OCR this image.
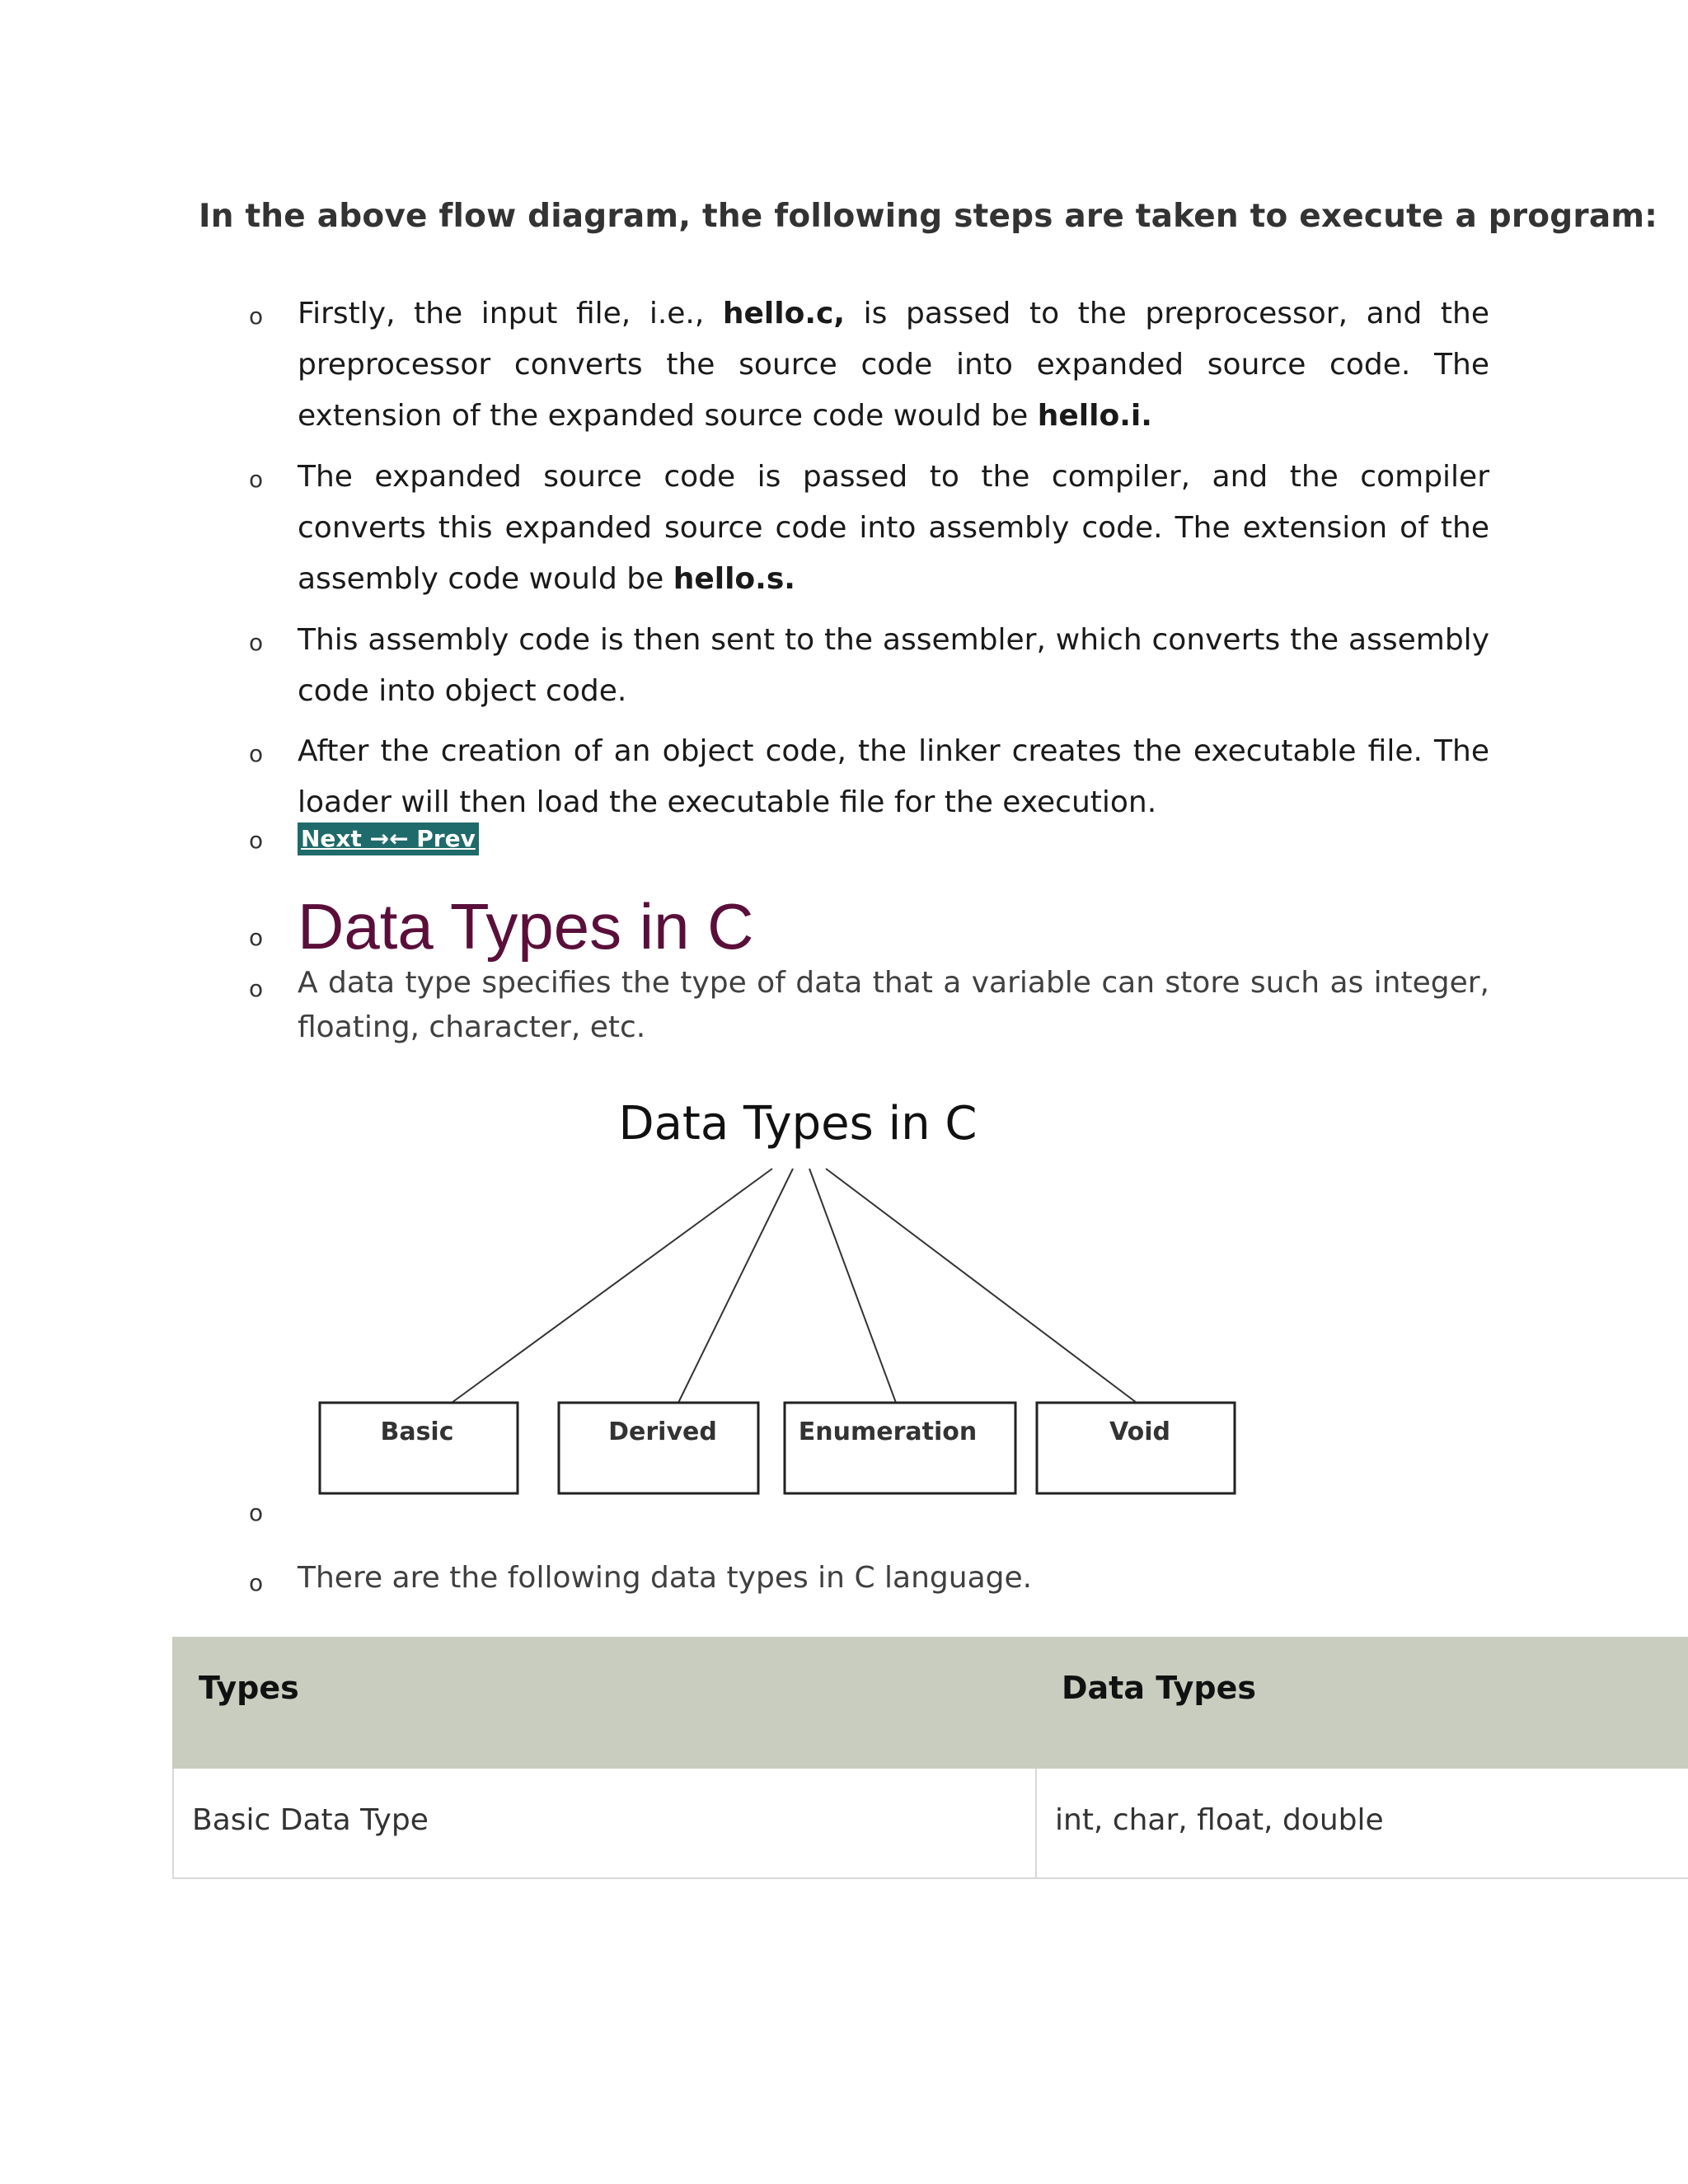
In the above flow diagram, the following steps are taken to execute a program:
o
Firstly, the input file, i.e., hello.c, is passed to the preprocessor, and the preprocessor converts the source code into expanded source code. The extension of the expanded source code would be hello.i.
o
The expanded source code is passed to the compiler, and the compiler converts this expanded source code into assembly code. The extension of the assembly code would be hello.s.
o
This assembly code is then sent to the assembler, which converts the assembly code into object code.
o
After the creation of an object code, the linker creates the executable file. The loader will then load the executable file for the execution.
o
Next →← Prev
o
Data Types in C
o
A data type specifies the type of data that a variable can store such as integer, floating, character, etc.
Data Types in C
Basic	Derived	Enumeration	Void
o
o
There are the following data types in C language.
Types	Data Types
Basic Data Type	int, char, float, double
